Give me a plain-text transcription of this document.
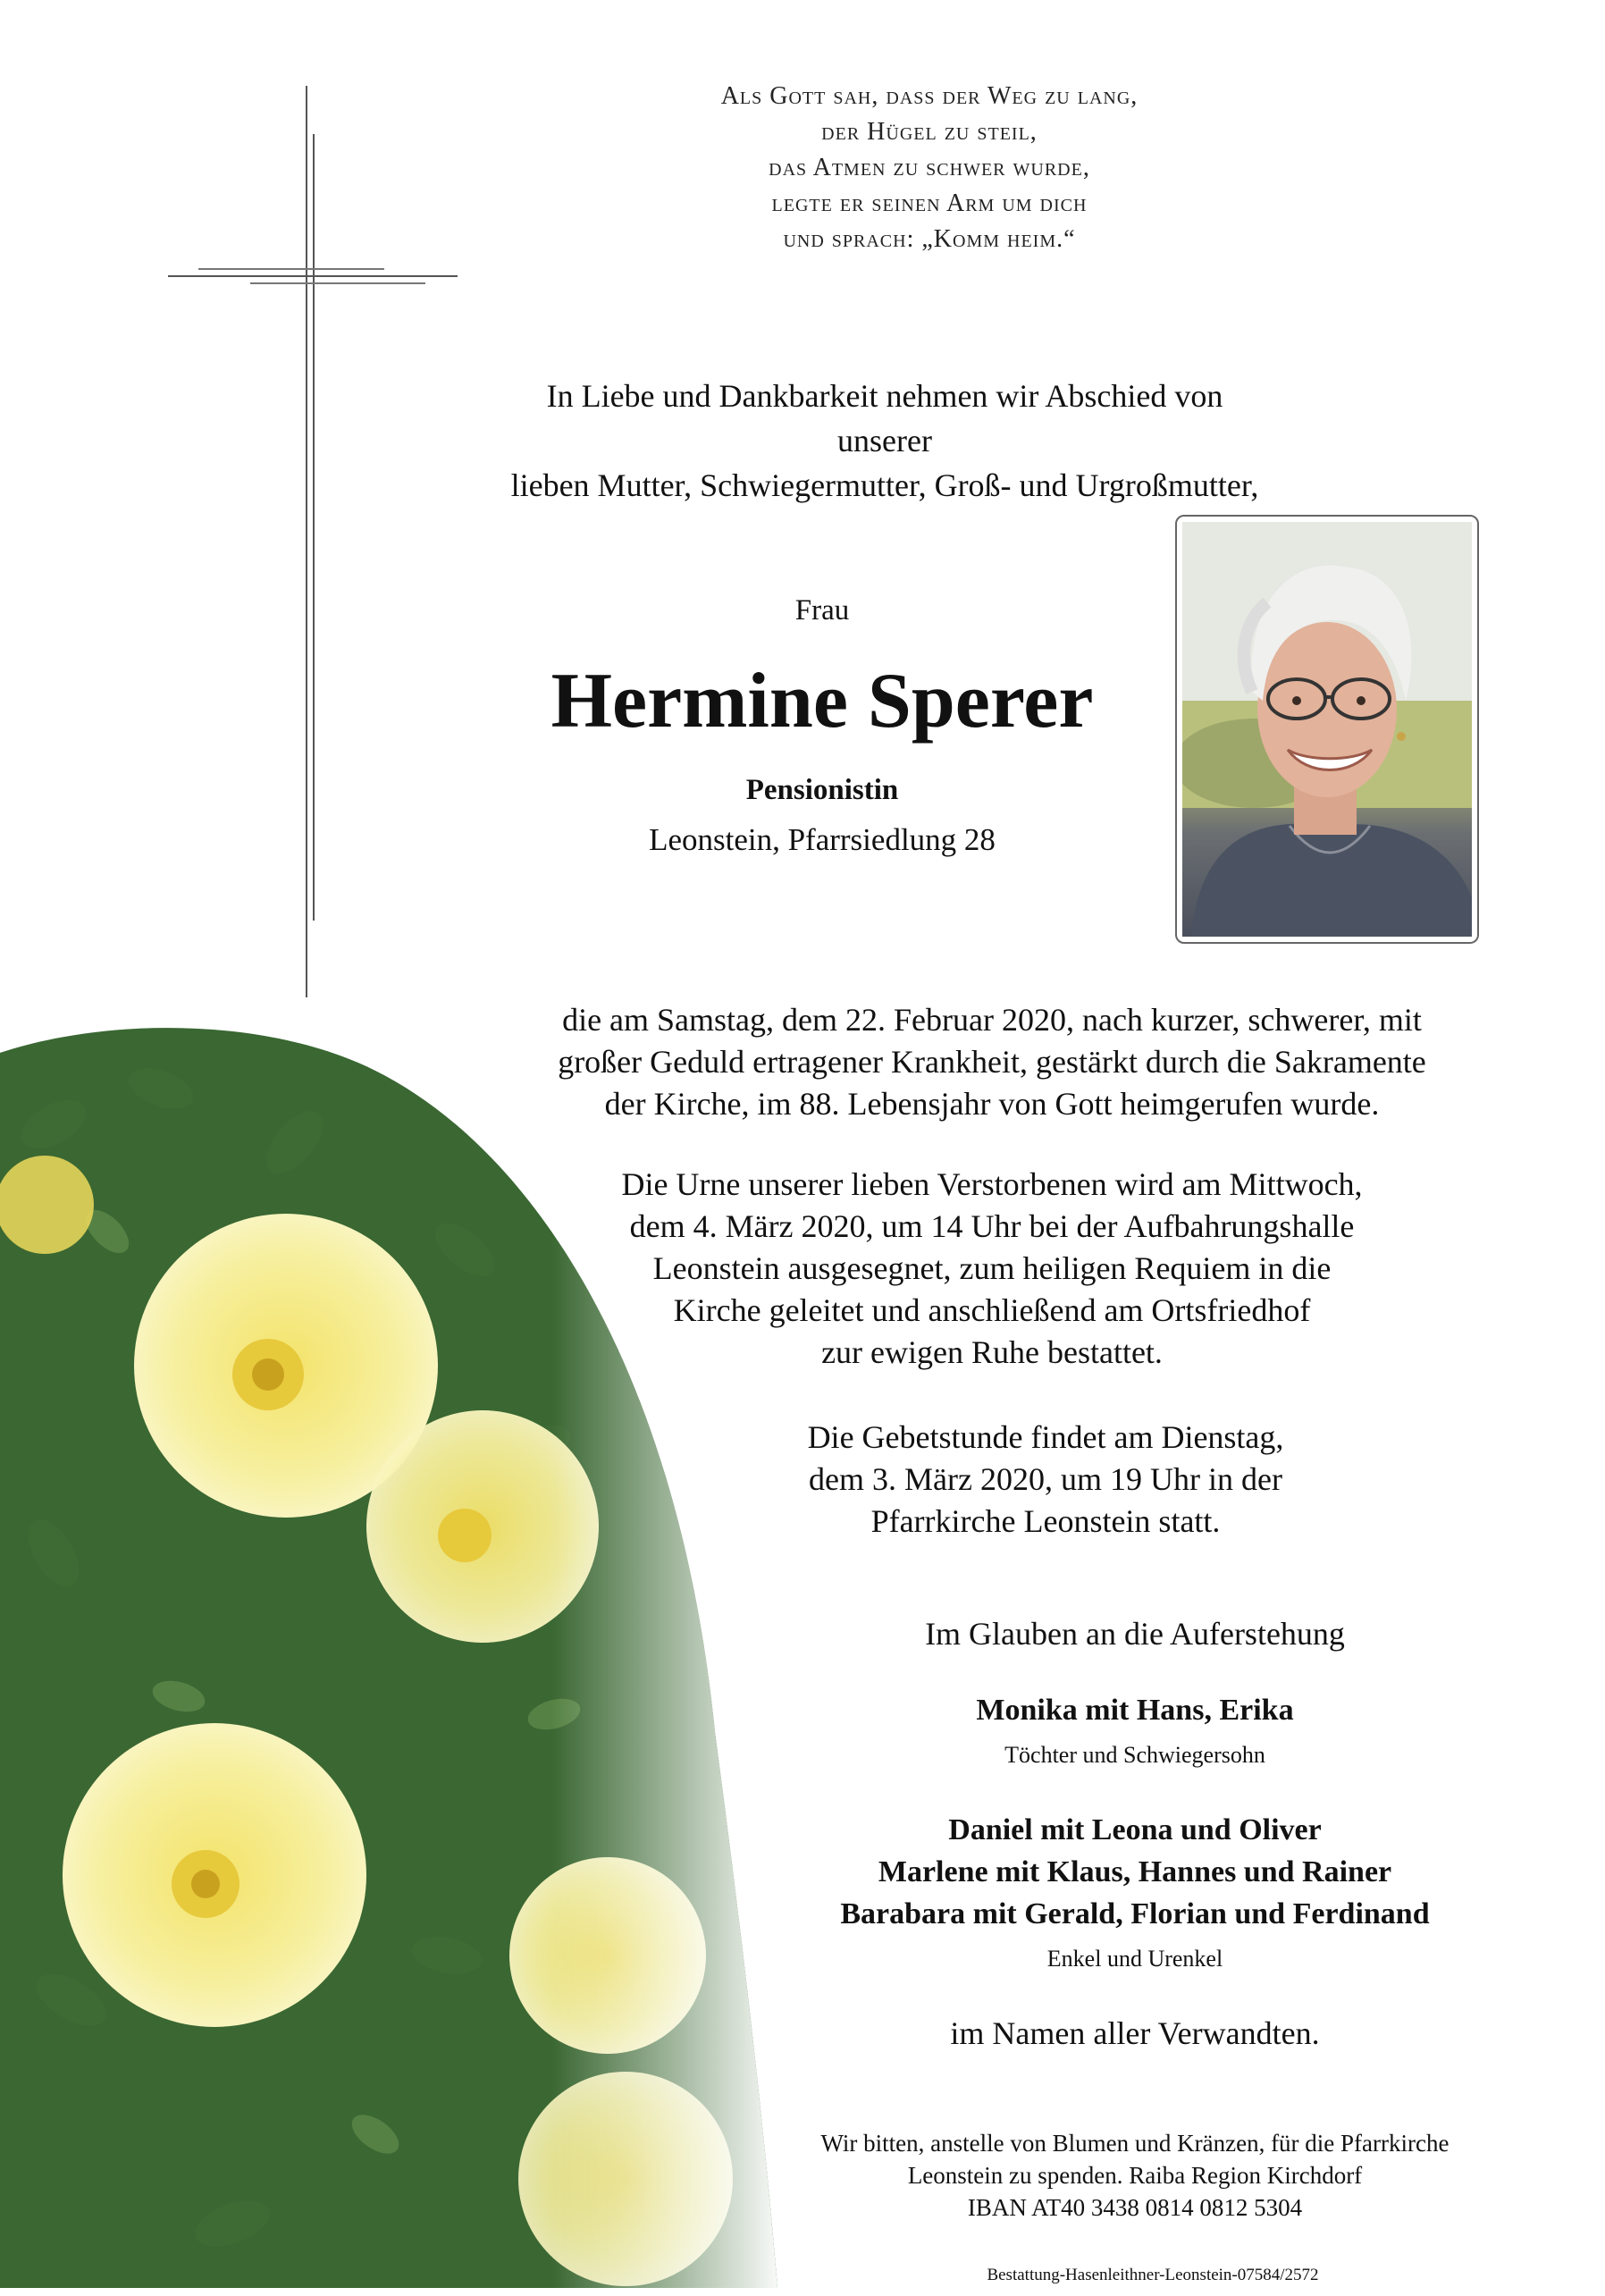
Als Gott sah, dass der Weg zu lang,
der Hügel zu steil,
das Atmen zu schwer wurde,
legte er seinen Arm um dich
und sprach: „Komm heim.“
In Liebe und Dankbarkeit nehmen wir Abschied von unserer
lieben Mutter, Schwiegermutter, Groß- und Urgroßmutter,
Frau
Hermine Sperer
Pensionistin
Leonstein, Pfarrsiedlung 28
die am Samstag, dem 22. Februar 2020, nach kurzer, schwerer, mit
großer Geduld ertragener Krankheit, gestärkt durch die Sakramente
der Kirche, im 88. Lebensjahr von Gott heimgerufen wurde.
Die Urne unserer lieben Verstorbenen wird am Mittwoch,
dem 4. März 2020, um 14 Uhr bei der Aufbahrungshalle
Leonstein ausgesegnet, zum heiligen Requiem in die
Kirche geleitet und anschließend am Ortsfriedhof
zur ewigen Ruhe bestattet.
Die Gebetstunde findet am Dienstag,
dem 3. März 2020, um 19 Uhr in der
Pfarrkirche Leonstein statt.
Im Glauben an die Auferstehung
Monika mit Hans, Erika
Töchter und Schwiegersohn
Daniel mit Leona und Oliver
Marlene mit Klaus, Hannes und Rainer
Barabara mit Gerald, Florian und Ferdinand
Enkel und Urenkel
im Namen aller Verwandten.
Wir bitten, anstelle von Blumen und Kränzen, für die Pfarrkirche
Leonstein zu spenden. Raiba Region Kirchdorf
IBAN AT40 3438 0814 0812 5304
Bestattung-Hasenleithner-Leonstein-07584/2572
